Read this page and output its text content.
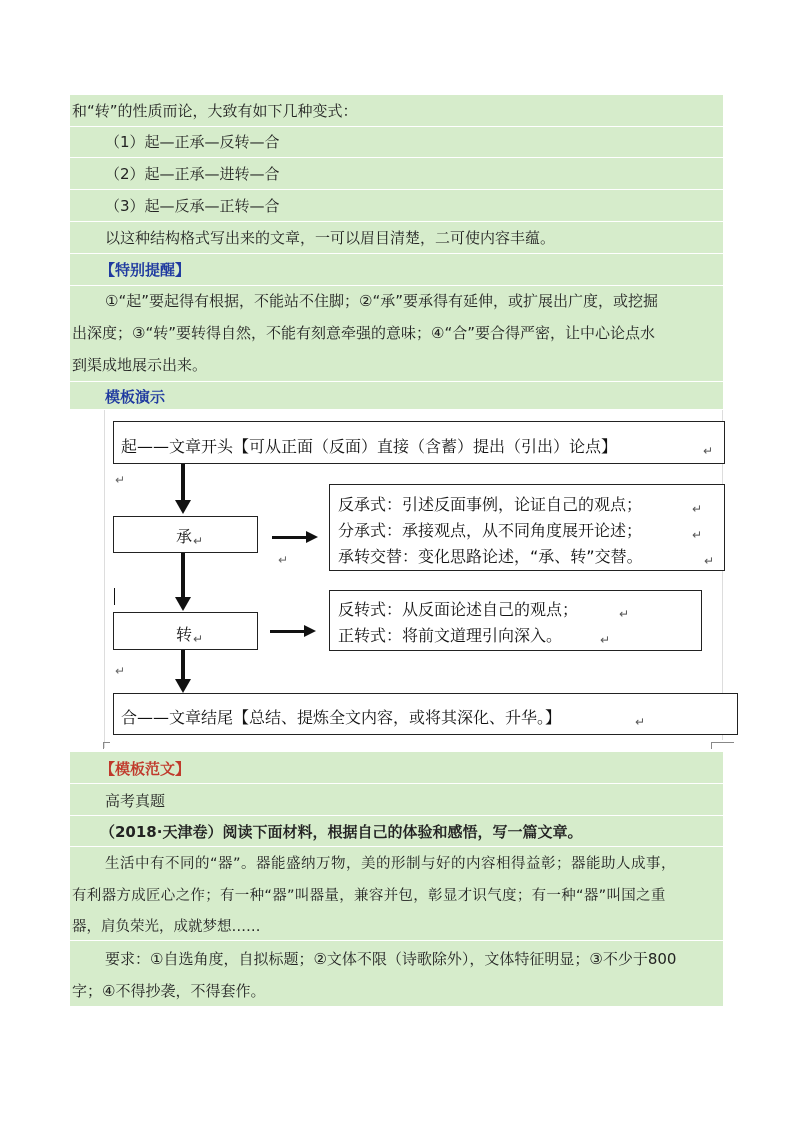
和“转”的性质而论，大致有如下几种变式：
（1）起—正承—反转—合
（2）起—正承—进转—合
（3）起—反承—正转—合
以这种结构格式写出来的文章，一可以眉目清楚，二可使内容丰蕴。
【特别提醒】
①“起”要起得有根据，不能站不住脚；②“承”要承得有延伸，或扩展出广度，或挖掘
出深度；③“转”要转得自然，不能有刻意牵强的意味；④“合”要合得严密，让中心论点水
到渠成地展示出来。
模板演示
起——文章开头【可从正面（反面）直接（含蓄）提出（引出）论点】	↵
↵
承 ↵
↵
反承式：引述反面事例，论证自己的观点；	↵
分承式：承接观点，从不同角度展开论述；	↵
承转交替：变化思路论述，“承、转”交替。	↵
转 ↵
反转式：从反面论述自己的观点；	↵
正转式：将前文道理引向深入。	↵
↵
合——文章结尾【总结、提炼全文内容，或将其深化、升华。】	↵
【模板范文】
高考真题
（2018·天津卷）阅读下面材料，根据自己的体验和感悟，写一篇文章。
生活中有不同的“器”。器能盛纳万物，美的形制与好的内容相得益彰；器能助人成事，
有利器方成匠心之作；有一种“器”叫器量，兼容并包，彰显才识气度；有一种“器”叫国之重
器，肩负荣光，成就梦想……
要求：①自选角度，自拟标题；②文体不限（诗歌除外），文体特征明显；③不少于800
字；④不得抄袭，不得套作。
